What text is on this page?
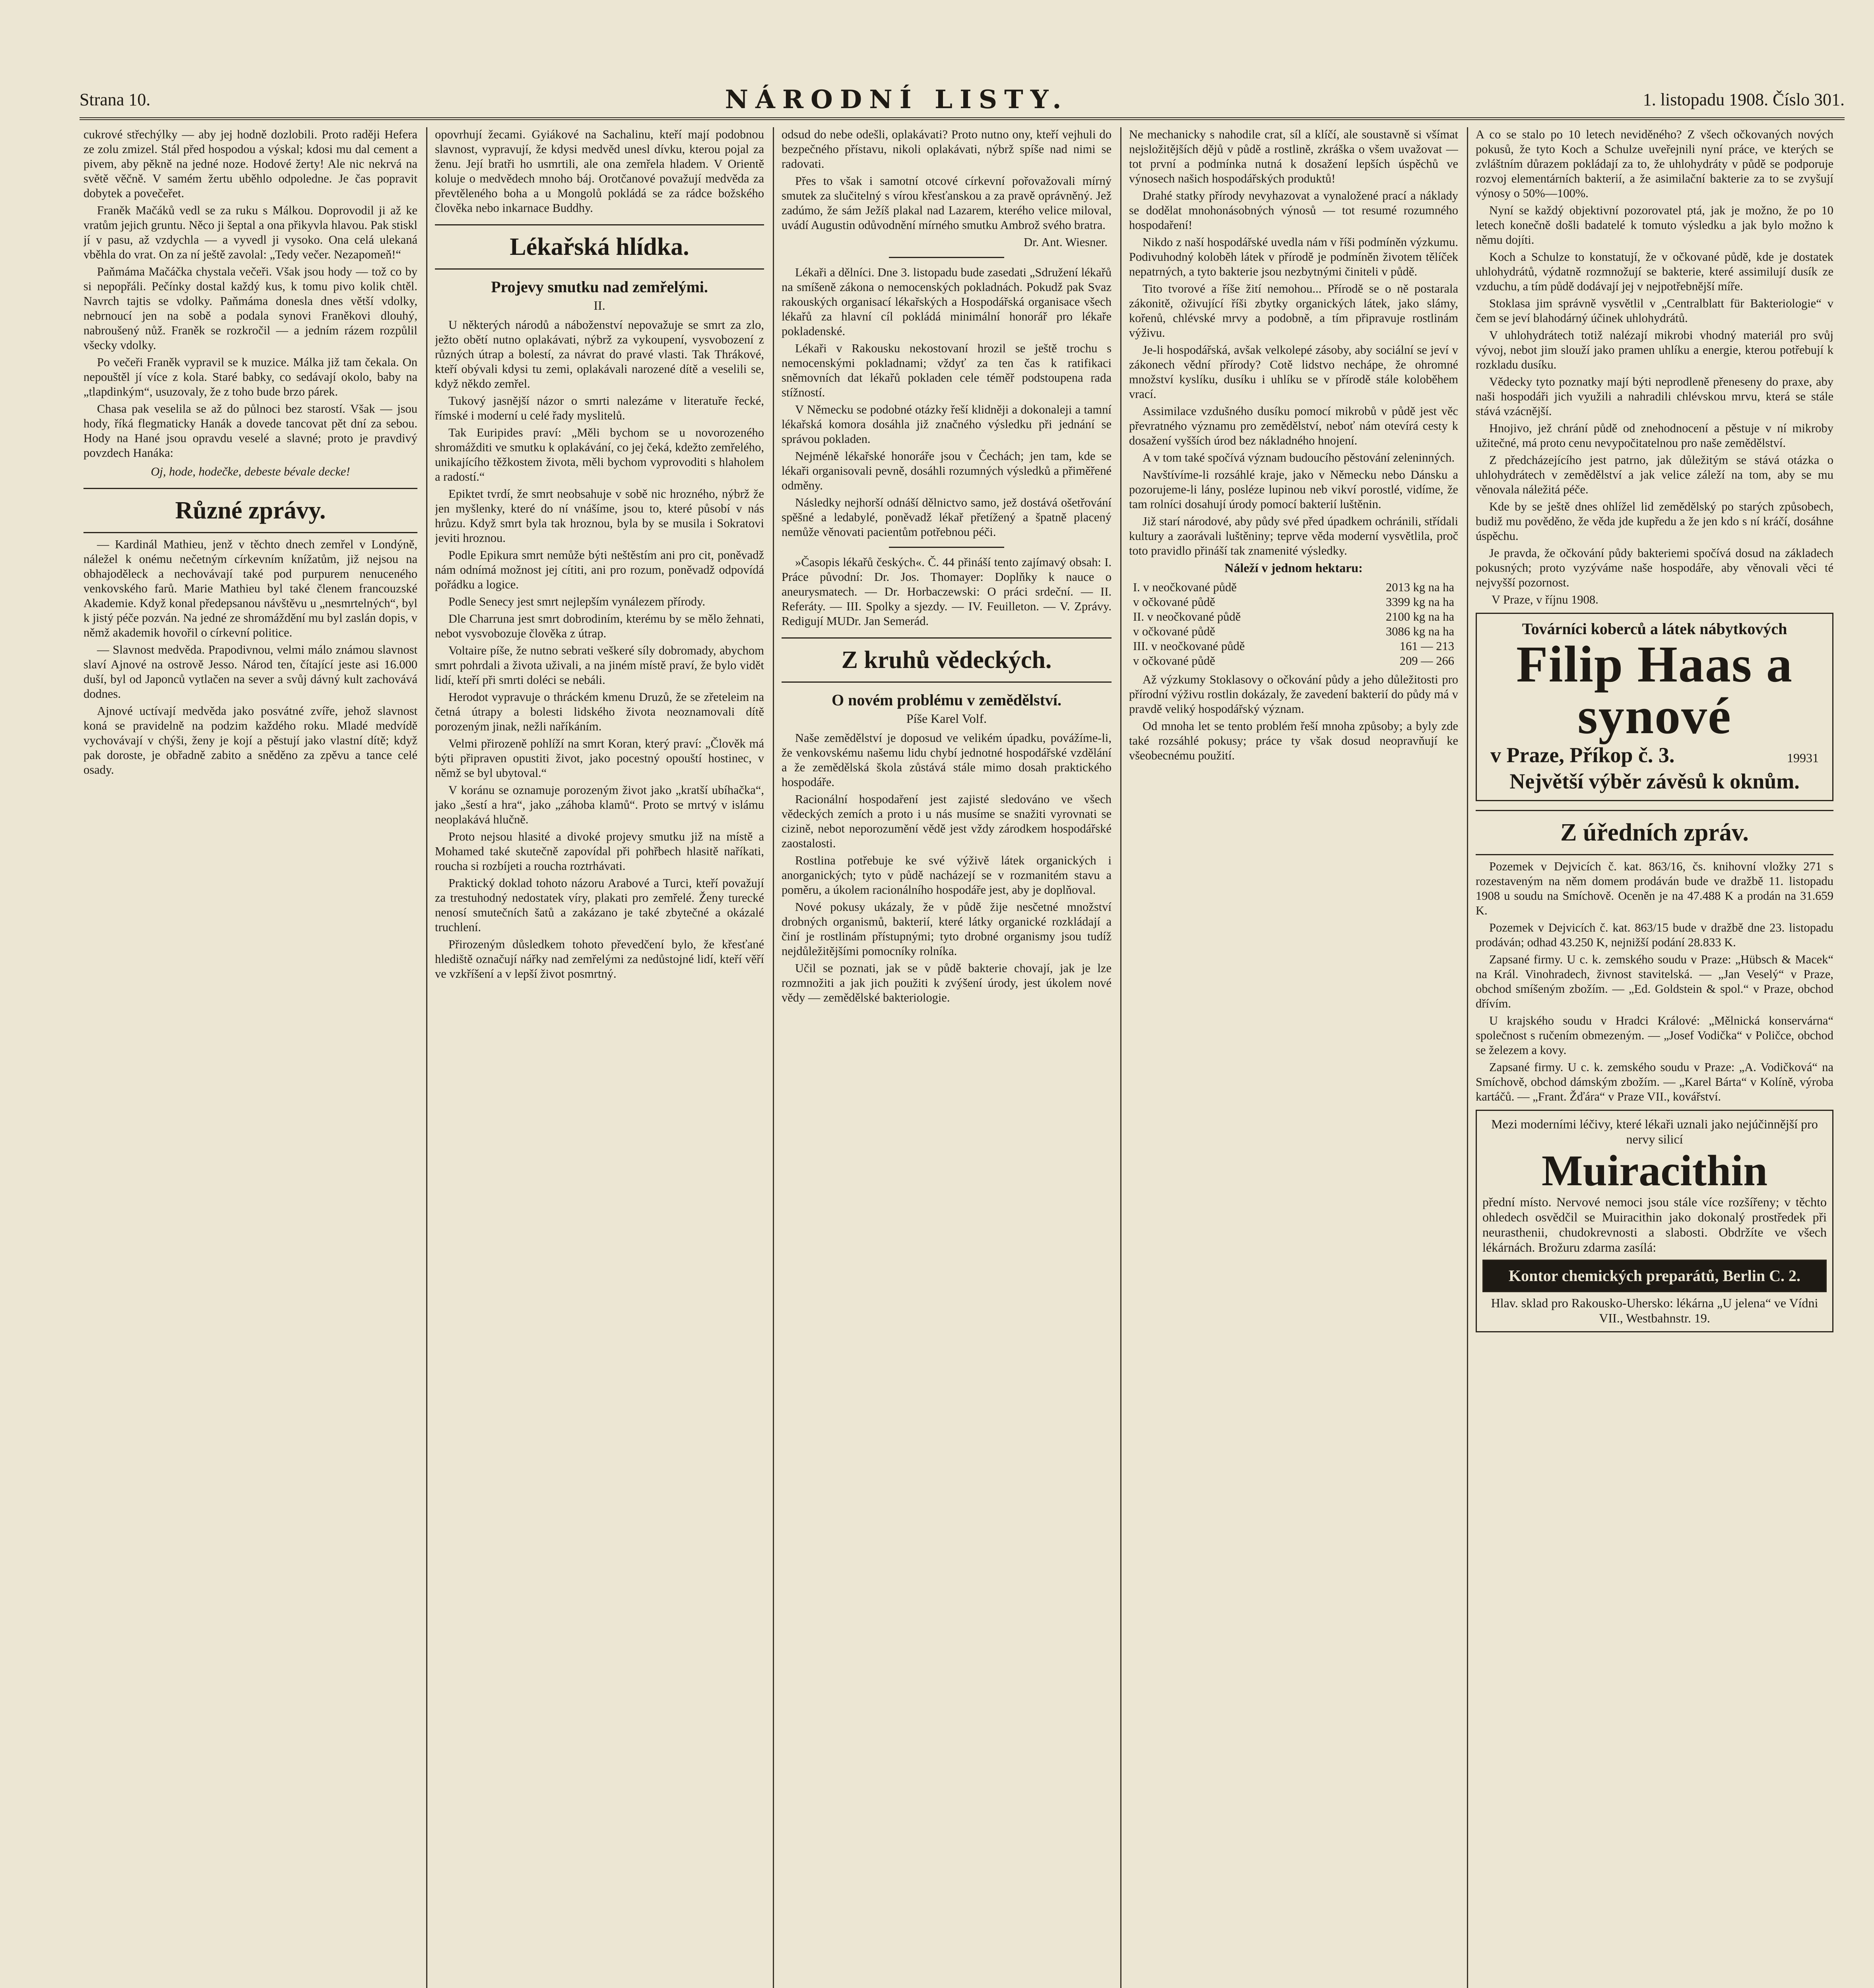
Strana 10.	NÁRODNÍ LISTY.	1. listopadu 1908. Číslo 301.

cukrové střechýlky — aby jej hodně dozlobili. Proto raději Hefera ze zolu zmizel. Stál před hospodou a výskal; kdosi mu dal cement a pivem, aby pěkně na jedné noze. Hodové žerty! Ale nic nekrvá na světě věčně. V samém žertu uběhlo odpoledne. Je čas popravit dobytek a povečeřet.

Franěk Mačáků vedl se za ruku s Málkou. Doprovodil ji až ke vratům jejich gruntu. Něco ji šeptal a ona přikyvla hlavou. Pak stiskl jí v pasu, až vzdychla — a vyvedl ji vysoko. Ona celá ulekaná vběhla do vrat. On za ní ještě zavolal: „Tedy večer. Nezapomeň!“

Paňmáma Mačáčka chystala večeři. Však jsou hody — tož co by si nepopřáli. Pečínky dostal každý kus, k tomu pivo kolik chtěl. Navrch tajtis se vdolky. Paňmáma donesla dnes větší vdolky, nebrnoucí jen na sobě a podala synovi Franěkovi dlouhý, nabroušený nůž. Franěk se rozkročil — a jedním rázem rozpůlil všecky vdolky.

Po večeři Franěk vypravil se k muzice. Málka již tam čekala. On nepouštěl jí více z kola. Staré babky, co sedávají okolo, baby na „tlapdinkým“, usuzovaly, že z toho bude brzo párek.

Chasa pak veselila se až do půlnoci bez starostí. Však — jsou hody, říká flegmaticky Hanák a dovede tancovat pět dní za sebou. Hody na Hané jsou opravdu veselé a slavné; proto je pravdivý povzdech Hanáka:

Oj, hode, hodečke, debeste bévale decke!
Různé zprávy.

— Kardinál Mathieu, jenž v těchto dnech zemřel v Londýně, náležel k onému nečetným církevním knížatům, již nejsou na obhajoděleck a nechovávají také pod purpurem nenuceného venkovského farů. Marie Mathieu byl také členem francouzské Akademie. Když konal předepsanou návštěvu u „nesmrtelných“, byl k jistý péče pozván. Na jedné ze shromáždění mu byl zaslán dopis, v němž akademik hovořil o církevní politice.

— Slavnost medvěda. Prapodivnou, velmi málo známou slavnost slaví Ajnové na ostrově Jesso. Národ ten, čítající jeste asi 16.000 duší, byl od Japonců vytlačen na sever a svůj dávný kult zachovává dodnes.

Ajnové uctívají medvěda jako posvátné zvíře, jehož slavnost koná se pravidelně na podzim každého roku. Mladé medvídě vychovávají v chýši, ženy je kojí a pěstují jako vlastní dítě; když pak doroste, je obřadně zabito a sněděno za zpěvu a tance celé osady.

opovrhují žecami. Gyiákové na Sachalinu, kteří mají podobnou slavnost, vypravují, že kdysi medvěd unesl dívku, kterou pojal za ženu. Její bratři ho usmrtili, ale ona zemřela hladem. V Orientě koluje o medvědech mnoho báj. Orotčanové považují medvěda za převtěleného boha a u Mongolů pokládá se za rádce božského člověka nebo inkarnace Buddhy.

Lékařská hlídka.
Projevy smutku nad zemřelými.
II.

U některých národů a náboženství nepovažuje se smrt za zlo, ježto obětí nutno oplakávati, nýbrž za vykoupení, vysvobození z různých útrap a bolestí, za návrat do pravé vlasti. Tak Thrákové, kteří obývali kdysi tu zemi, oplakávali narozené dítě a veselili se, když někdo zemřel.

Tukový jasnější názor o smrti nalezáme v literatuře řecké, římské i moderní u celé řady myslitelů.

Tak Euripides praví: „Měli bychom se u novorozeného shromážditi ve smutku k oplakávání, co jej čeká, kdežto zemřelého, unikajícího těžkostem života, měli bychom vyprovoditi s hlaholem a radostí.“

Epiktet tvrdí, že smrt neobsahuje v sobě nic hrozného, nýbrž že jen myšlenky, které do ní vnášíme, jsou to, které působí v nás hrůzu. Když smrt byla tak hroznou, byla by se musila i Sokratovi jeviti hroznou.

Podle Epikura smrt nemůže býti neštěstím ani pro cit, poněvadž nám odnímá možnost jej cítiti, ani pro rozum, poněvadž odpovídá pořádku a logice.

Podle Senecy jest smrt nejlepším vynálezem přírody.

Dle Charruna jest smrt dobrodiním, kterému by se mělo žehnati, nebot vysvobozuje člověka z útrap.

Voltaire píše, že nutno sebrati veškeré síly dobromady, abychom smrt pohrdali a života uživali, a na jiném místě praví, že bylo vidět lidí, kteří při smrti doléci se nebáli.

Herodot vypravuje o thráckém kmenu Druzů, že se zřeteleim na četná útrapy a bolesti lidského života neoznamovali dítě porozeným jinak, nežli naříkáním.

Velmi přirozeně pohlíží na smrt Koran, který praví: „Člověk má býti připraven opustiti život, jako pocestný opouští hostinec, v němž se byl ubytoval.“

V koránu se oznamuje porozeným život jako „kratší ubíhačka“, jako „šestí a hra“, jako „záhoba klamů“. Proto se mrtvý v islámu neoplakává hlučně.

Proto nejsou hlasité a divoké projevy smutku již na místě a Mohamed také skutečně zapovídal při pohřbech hlasitě naříkati, roucha si rozbíjeti a roucha roztrhávati.

Praktický doklad tohoto názoru Arabové a Turci, kteří považují za trestuhodný nedostatek víry, plakati pro zemřelé. Ženy turecké nenosí smutečních šatů a zakázano je také zbytečné a okázalé truchlení.

Přirozeným důsledkem tohoto převedčení bylo, že křesťané hlediště označují nářky nad zemřelými za nedůstojné lidí, kteří věří ve vzkříšení a v lepší život posmrtný.

odsud do nebe odešli, oplakávati? Proto nutno ony, kteří vejhuli do bezpečného přístavu, nikoli oplakávati, nýbrž spíše nad nimi se radovati.

Přes to však i samotní otcové církevní pořovažovali mírný smutek za slučitelný s vírou křesťanskou a za pravě oprávněný. Jež zadúmo, že sám Ježíš plakal nad Lazarem, kterého velice miloval, uvádí Augustin odůvodnění mírného smutku Ambrož svého bratra.

Dr. Ant. Wiesner.

Lékaři a dělníci. Dne 3. listopadu bude zasedati „Sdružení lékařů na smíšeně zákona o nemocenských pokladnách. Pokudž pak Svaz rakouských organisací lékařských a Hospodářská organisace všech lékařů za hlavní cíl pokládá minimální honorář pro lékaře pokladenské.

Lékaři v Rakousku nekostovaní hrozil se ještě trochu s nemocenskými pokladnami; vždyť za ten čas k ratifikaci sněmovních dat lékařů pokladen cele téměř podstoupena rada stížností.

V Německu se podobné otázky řeší klidněji a dokonaleji a tamní lékařská komora dosáhla již značného výsledku při jednání se správou pokladen.

Nejméně lékařské honoráře jsou v Čechách; jen tam, kde se lékaři organisovali pevně, dosáhli rozumných výsledků a přiměřené odměny.

Následky nejhorší odnáší dělnictvo samo, jež dostává ošetřování spěšné a ledabylé, poněvadž lékař přetížený a špatně placený nemůže věnovati pacientům potřebnou péči.

»Časopis lékařů českých«. Č. 44 přináší tento zajímavý obsah: I. Práce původní: Dr. Jos. Thomayer: Doplňky k nauce o aneurysmatech. — Dr. Horbaczewski: O práci srdeční. — II. Referáty. — III. Spolky a sjezdy. — IV. Feuilleton. — V. Zprávy. Redigují MUDr. Jan Semerád.

Z kruhů vědeckých.
O novém problému v zemědělství.
Píše Karel Volf.

Naše zemědělství je doposud ve velikém úpadku, povážíme-li, že venkovskému našemu lidu chybí jednotné hospodářské vzdělání a že zemědělská škola zůstává stále mimo dosah praktického hospodáře.

Racionální hospodaření jest zajisté sledováno ve všech vědeckých zemích a proto i u nás musíme se snažiti vyrovnati se cizině, nebot neporozumění vědě jest vždy zárodkem hospodářské zaostalosti.

Rostlina potřebuje ke své výživě látek organických i anorganických; tyto v půdě nacházejí se v rozmanitém stavu a poměru, a úkolem racionálního hospodáře jest, aby je doplňoval.

Nové pokusy ukázaly, že v půdě žije nesčetné množství drobných organismů, bakterií, které látky organické rozkládají a činí je rostlinám přístupnými; tyto drobné organismy jsou tudíž nejdůležitějšími pomocníky rolníka.

Učil se poznati, jak se v půdě bakterie chovají, jak je lze rozmnožiti a jak jich použiti k zvýšení úrody, jest úkolem nové vědy — zemědělské bakteriologie.

Ne mechanicky s nahodile crat, síl a klíčí, ale soustavně si všímat nejsložitějších dějů v půdě a rostlině, zkráška o všem uvažovat — tot první a podmínka nutná k dosažení lepších úspěchů ve výnosech našich hospodářských produktů!

Drahé statky přírody nevyhazovat a vynaložené prací a náklady se dodělat mnohonásobných výnosů — tot resumé rozumného hospodaření!

Nikdo z naší hospodářské uvedla nám v říši podmíněn výzkumu. Podivuhodný koloběh látek v přírodě je podmíněn životem tělíček nepatrných, a tyto bakterie jsou nezbytnými činiteli v půdě.

Tito tvorové a říše žití nemohou... Přírodě se o ně postarala zákonitě, oživující říši zbytky organických látek, jako slámy, kořenů, chlévské mrvy a podobně, a tím připravuje rostlinám výživu.

Je-li hospodářská, avšak velkolepé zásoby, aby sociální se jeví v zákonech vědní přírody? Cotě lidstvo nechápe, že ohromné množství kyslíku, dusíku i uhlíku se v přírodě stále koloběhem vrací.

Assimilace vzdušného dusíku pomocí mikrobů v půdě jest věc převratného významu pro zemědělství, neboť nám otevírá cesty k dosažení vyšších úrod bez nákladného hnojení.

A v tom také spočívá význam budoucího pěstování zeleninných.

Navštívíme-li rozsáhlé kraje, jako v Německu nebo Dánsku a pozorujeme-li lány, posléze lupinou neb vikví porostlé, vidíme, že tam rolníci dosahují úrody pomocí bakterií luštěnin.

Již starí národové, aby půdy své před úpadkem ochránili, střídali kultury a zaorávali luštěniny; teprve věda moderní vysvětlila, proč toto pravidlo přináší tak znamenité výsledky.

Náleží v jednom hektaru:
I. v neočkované půdě	2013 kg na ha
v očkované půdě	3399 kg na ha
II. v neočkované půdě	2100 kg na ha
v očkované půdě	3086 kg na ha
III. v neočkované půdě	161 — 213
v očkované půdě	209 — 266

Až výzkumy Stoklasovy o očkování půdy a jeho důležitosti pro přírodní výživu rostlin dokázaly, že zavedení bakterií do půdy má v pravdě veliký hospodářský význam.

Od mnoha let se tento problém řeší mnoha způsoby; a byly zde také rozsáhlé pokusy; práce ty však dosud neopravňují ke všeobecnému použití.

A co se stalo po 10 letech neviděného? Z všech očkovaných nových pokusů, že tyto Koch a Schulze uveřejnili nyní práce, ve kterých se zvláštním důrazem pokládají za to, že uhlohydráty v půdě se podporuje rozvoj elementárních bakterií, a že asimilační bakterie za to se zvyšují výnosy o 50%—100%.

Nyní se každý objektivní pozorovatel ptá, jak je možno, že po 10 letech konečně došli badatelé k tomuto výsledku a jak bylo možno k němu dojíti.

Koch a Schulze to konstatují, že v očkované půdě, kde je dostatek uhlohydrátů, výdatně rozmnožují se bakterie, které assimilují dusík ze vzduchu, a tím půdě dodávají jej v nejpotřebnější míře.

Stoklasa jim správně vysvětlil v „Centralblatt für Bakteriologie“ v čem se jeví blahodárný účinek uhlohydrátů.

V uhlohydrátech totiž nalézají mikrobi vhodný materiál pro svůj vývoj, nebot jim slouží jako pramen uhlíku a energie, kterou potřebují k rozkladu dusíku.

Vědecky tyto poznatky mají býti neprodleně přeneseny do praxe, aby naši hospodáři jich využili a nahradili chlévskou mrvu, která se stále stává vzácnější.

Hnojivo, jež chrání půdě od znehodnocení a pěstuje v ní mikroby užitečné, má proto cenu nevypočitatelnou pro naše zemědělství.

Z předcházejícího jest patrno, jak důležitým se stává otázka o uhlohydrátech v zemědělství a jak velice záleží na tom, aby se mu věnovala náležitá péče.

Kde by se ještě dnes ohlížel lid zemědělský po starých způsobech, budiž mu pověděno, že věda jde kupředu a že jen kdo s ní kráčí, dosáhne úspěchu.

Je pravda, že očkování půdy bakteriemi spočívá dosud na základech pokusných; proto vyzýváme naše hospodáře, aby věnovali věci té nejvyšší pozornost.

V Praze, v říjnu 1908.
Továrníci koberců a látek nábytkových
Filip Haas a synové
v Praze, Příkop č. 3.	19931
Největší výběr závěsů k oknům.
Z úředních zpráv.

Pozemek v Dejvicích č. kat. 863/16, čs. knihovní vložky 271 s rozestaveným na něm domem prodáván bude ve dražbě 11. listopadu 1908 u soudu na Smíchově. Oceněn je na 47.488 K a prodán na 31.659 K.

Pozemek v Dejvicích č. kat. 863/15 bude v dražbě dne 23. listopadu prodáván; odhad 43.250 K, nejnižší podání 28.833 K.

Zapsané firmy. U c. k. zemského soudu v Praze: „Hübsch & Macek“ na Král. Vinohradech, živnost stavitelská. — „Jan Veselý“ v Praze, obchod smíšeným zbožím. — „Ed. Goldstein & spol.“ v Praze, obchod dřívím.

U krajského soudu v Hradci Králové: „Mělnická konservárna“ společnost s ručením obmezeným. — „Josef Vodička“ v Poličce, obchod se železem a kovy.

Zapsané firmy. U c. k. zemského soudu v Praze: „A. Vodičková“ na Smíchově, obchod dámským zbožím. — „Karel Bárta“ v Kolíně, výroba kartáčů. — „Frant. Žďára“ v Praze VII., kovářství.

Mezi moderními léčivy, které lékaři uznali jako nejúčinnější pro nervy silicí
Muiracithin
přední místo. Nervové nemoci jsou stále více rozšířeny; v těchto ohledech osvědčil se Muiracithin jako dokonalý prostředek při neurasthenii, chudokrevnosti a slabosti. Obdržíte ve všech lékárnách. Brožuru zdarma zasílá:
Kontor chemických preparátů, Berlin C. 2.
Hlav. sklad pro Rakousko-Uhersko: lékárna „U jelena“ ve Vídni VII., Westbahnstr. 19.
